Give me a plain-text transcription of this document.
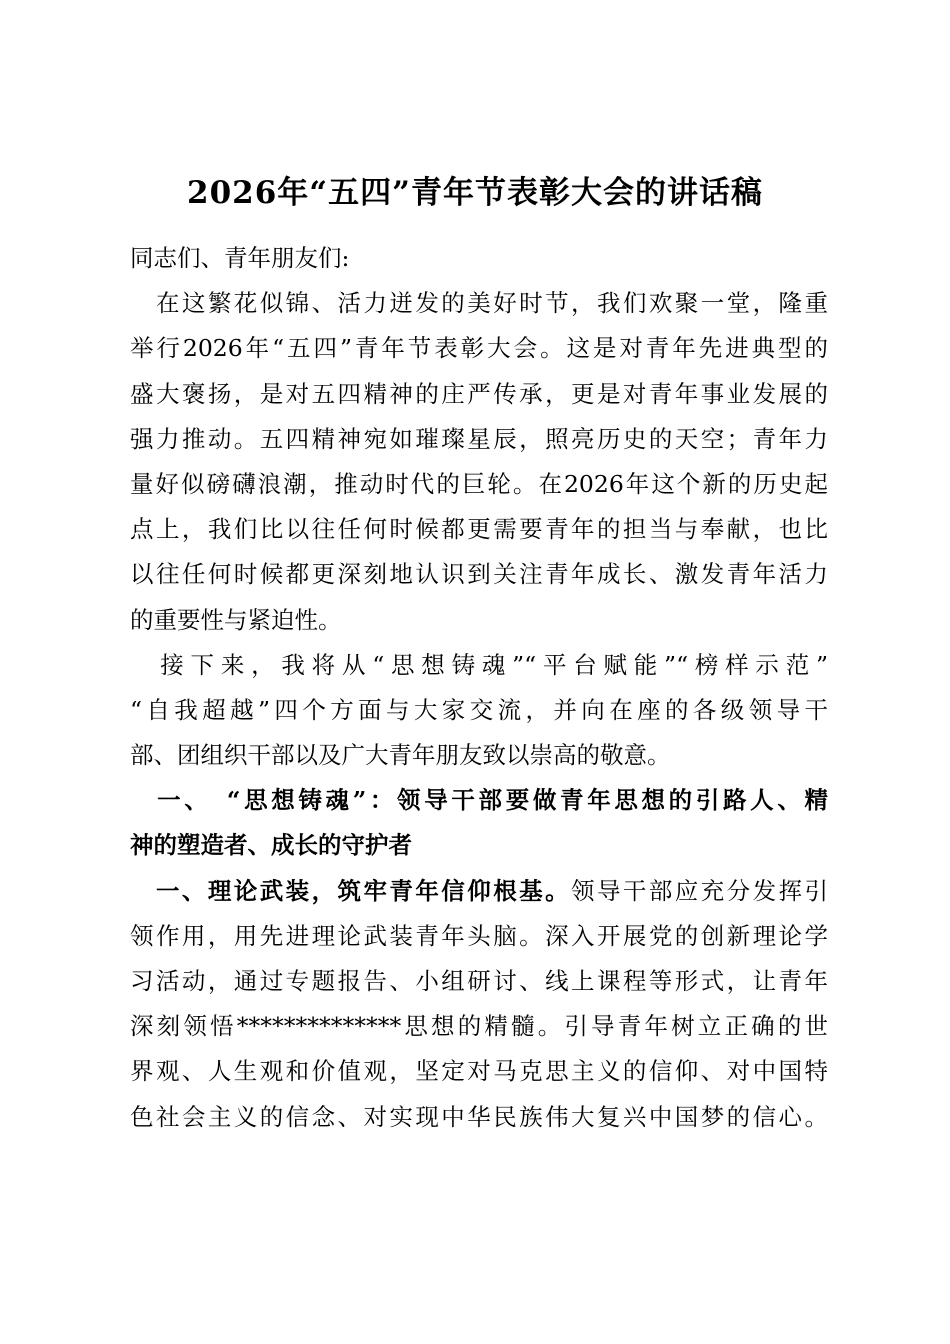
2026年“五四”青年节表彰大会的讲话稿
同志们、青年朋友们:
　在这繁花似锦、活力迸发的美好时节，我们欢聚一堂，隆重
举行2026年“五四”青年节表彰大会。这是对青年先进典型的
盛大褒扬，是对五四精神的庄严传承，更是对青年事业发展的
强力推动。五四精神宛如璀璨星辰，照亮历史的天空；青年力
量好似磅礴浪潮，推动时代的巨轮。在2026年这个新的历史起
点上，我们比以往任何时候都更需要青年的担当与奉献，也比
以往任何时候都更深刻地认识到关注青年成长、激发青年活力
的重要性与紧迫性。
　接下来，我将从“思想铸魂”“平台赋能”“榜样示范”
“自我超越”四个方面与大家交流，并向在座的各级领导干
部、团组织干部以及广大青年朋友致以崇高的敬意。
　一、　“思想铸魂”：领导干部要做青年思想的引路人、精
神的塑造者、成长的守护者
　一、理论武装，筑牢青年信仰根基。领导干部应充分发挥引
领作用，用先进理论武装青年头脑。深入开展党的创新理论学
习活动，通过专题报告、小组研讨、线上课程等形式，让青年
深刻领悟**************思想的精髓。引导青年树立正确的世
界观、人生观和价值观，坚定对马克思主义的信仰、对中国特
色社会主义的信念、对实现中华民族伟大复兴中国梦的信心。
